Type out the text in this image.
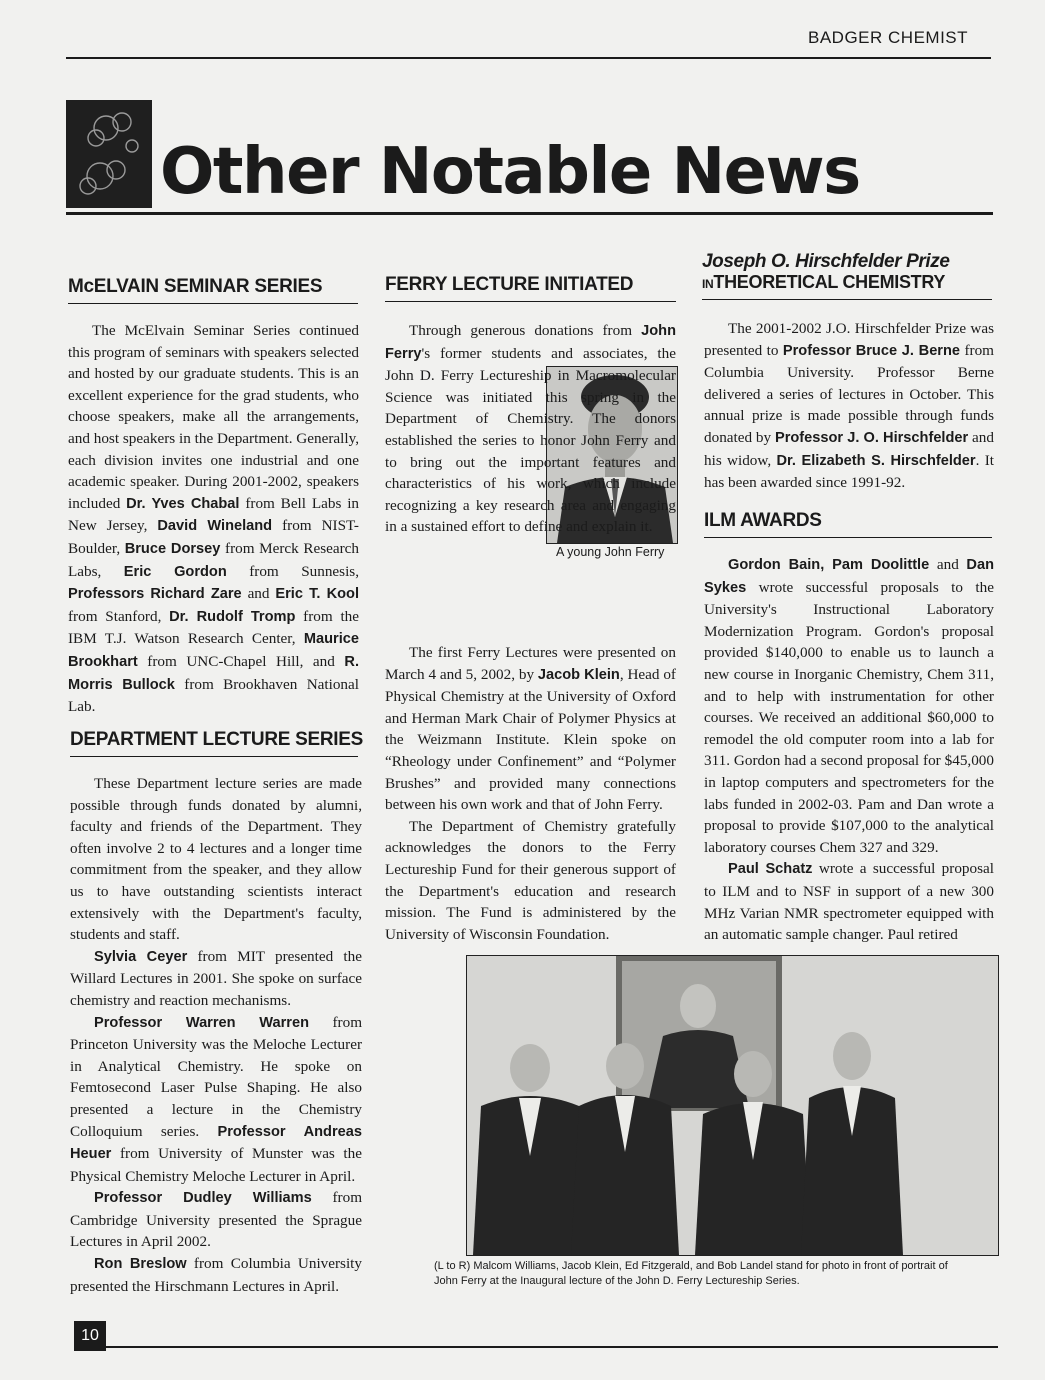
BADGER CHEMIST
Other Notable News
McELVAIN SEMINAR SERIES

The McElvain Seminar Series continued this program of seminars with speakers selected and hosted by our graduate students. This is an excellent experience for the grad students, who choose speakers, make all the arrangements, and host speakers in the Department. Generally, each division invites one industrial and one academic speaker. During 2001-2002, speakers included Dr. Yves Chabal from Bell Labs in New Jersey, David Wineland from NIST-Boulder, Bruce Dorsey from Merck Research Labs, Eric Gordon from Sunnesis, Professors Richard Zare and Eric T. Kool from Stanford, Dr. Rudolf Tromp from the IBM T.J. Watson Research Center, Maurice Brookhart from UNC-Chapel Hill, and R. Morris Bullock from Brookhaven National Lab.

DEPARTMENT LECTURE SERIES

These Department lecture series are made possible through funds donated by alumni, faculty and friends of the Department. They often involve 2 to 4 lectures and a longer time commitment from the speaker, and they allow us to have outstanding scientists interact extensively with the Department's faculty, students and staff.

Sylvia Ceyer from MIT presented the Willard Lectures in 2001. She spoke on surface chemistry and reaction mechanisms.

Professor Warren Warren from Princeton University was the Meloche Lecturer in Analytical Chemistry. He spoke on Femtosecond Laser Pulse Shaping. He also presented a lecture in the Chemistry Colloquium series. Professor Andreas Heuer from University of Munster was the Physical Chemistry Meloche Lecturer in April.

Professor Dudley Williams from Cambridge University presented the Sprague Lectures in April 2002.

Ron Breslow from Columbia University presented the Hirschmann Lectures in April.

FERRY LECTURE INITIATED
A young John Ferry

Through generous donations from John Ferry's former students and associates, the John D. Ferry Lectureship in Macromolecular Science was initiated this spring in the Department of Chemistry. The donors established the series to honor John Ferry and to bring out the important features and characteristics of his work, which include recognizing a key research area and engaging in a sustained effort to define and explain it.

The first Ferry Lectures were presented on March 4 and 5, 2002, by Jacob Klein, Head of Physical Chemistry at the University of Oxford and Herman Mark Chair of Polymer Physics at the Weizmann Institute. Klein spoke on “Rheology under Confinement” and “Polymer Brushes” and provided many connections between his own work and that of John Ferry.

The Department of Chemistry gratefully acknowledges the donors to the Ferry Lectureship Fund for their generous support of the Department's education and research mission. The Fund is administered by the University of Wisconsin Foundation.

Joseph O. Hirschfelder Prize
INTHEORETICAL CHEMISTRY

The 2001-2002 J.O. Hirschfelder Prize was presented to Professor Bruce J. Berne from Columbia University. Professor Berne delivered a series of lectures in October. This annual prize is made possible through funds donated by Professor J. O. Hirschfelder and his widow, Dr. Elizabeth S. Hirschfelder. It has been awarded since 1991-92.

ILM AWARDS

Gordon Bain, Pam Doolittle and Dan Sykes wrote successful proposals to the University's Instructional Laboratory Modernization Program. Gordon's proposal provided $140,000 to enable us to launch a new course in Inorganic Chemistry, Chem 311, and to help with instrumentation for other courses. We received an additional $60,000 to remodel the old computer room into a lab for 311. Gordon had a second proposal for $45,000 in laptop computers and spectrometers for the labs funded in 2002-03. Pam and Dan wrote a proposal to provide $107,000 to the analytical laboratory courses Chem 327 and 329.

Paul Schatz wrote a successful proposal to ILM and to NSF in support of a new 300 MHz Varian NMR spectrometer equipped with an automatic sample changer. Paul retired

(L to R) Malcom Williams, Jacob Klein, Ed Fitzgerald, and Bob Landel stand for photo in front of portrait of John Ferry at the Inaugural lecture of the John D. Ferry Lectureship Series.
10
